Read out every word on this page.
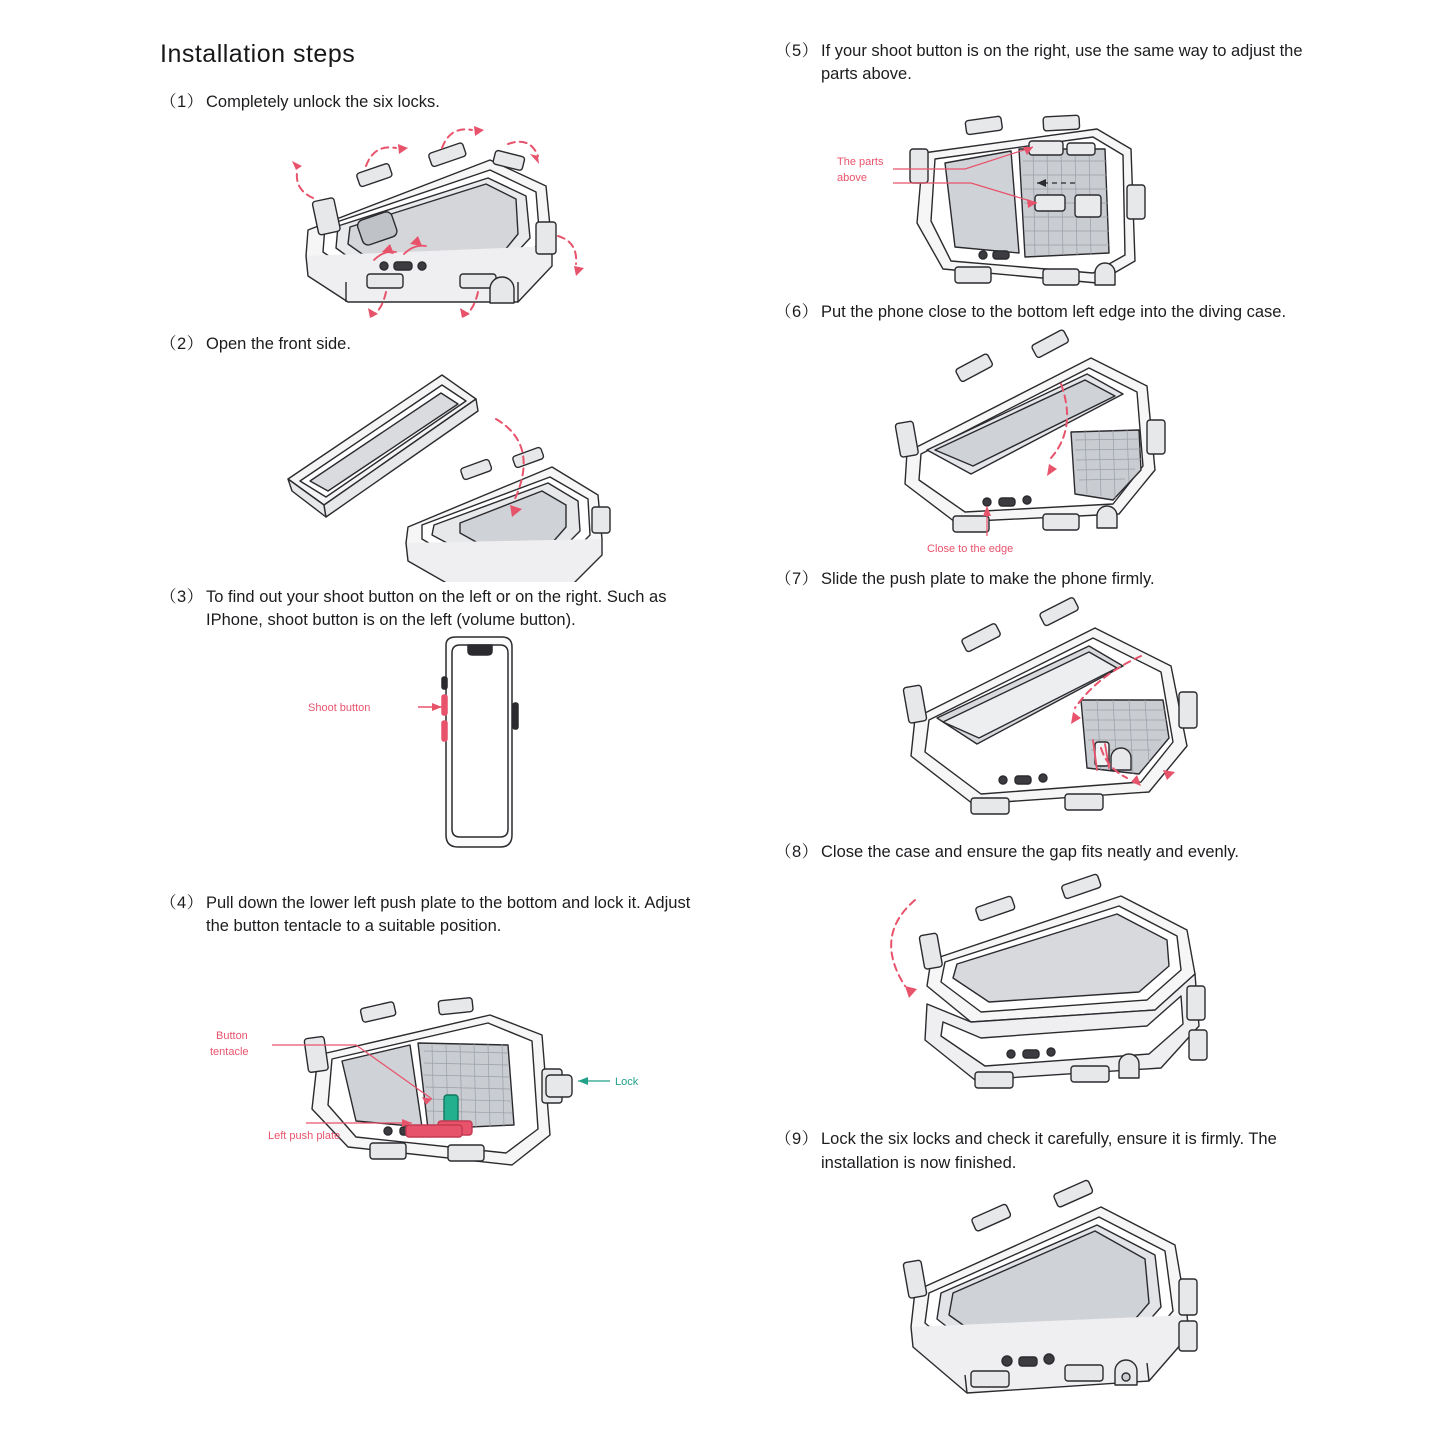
Installation steps
（1） Completely unlock the six locks.
（2） Open the front side.
（3） To find out your shoot button on the left or on the right. Such as IPhone, shoot button is on the left (volume button).
Shoot button
（4） Pull down the lower left push plate to the bottom and lock it. Adjust the button tentacle to a suitable position.
Button
tentacle
Left push plate
Lock
（5） If your shoot button is on the right, use the same way to adjust the parts above.
The parts
above
（6） Put the phone close to the bottom left edge into the diving case.
Close to the edge
（7） Slide the push plate to make the phone firmly.
（8） Close the case and ensure the gap fits neatly and evenly.
（9） Lock the six locks and check it carefully, ensure it is firmly. The installation is now finished.
